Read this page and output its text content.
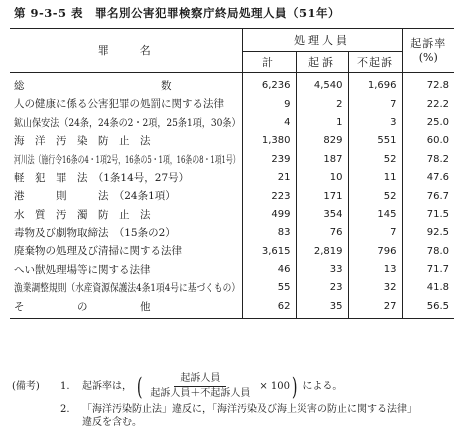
第 9-3-5 表　罪名別公害犯罪検察庁終局処理人員（51年）
罪　　名	処理人員			起訴率
(%)

	計	起訴	不起訴	
総　　　　　　　　　　　　　数	6,236	4,540	1,696	72.8
人の健康に係る公害犯罪の処罰に関する法律	9	2	7	22.2
鉱山保安法（24条，24条の2・2項，25条1項，30条）	4	1	3	25.0
海　洋　汚　染　防　止　法	1,380	829	551	60.0
河川法（施行令16条の4・1項2号，16条の5・1項，16条の8・1項1号）	239	187	52	78.2
軽　犯　罪　法　（1条14号，27号）	21	10	11	47.6
港　　　則　　　法　（24条1項）	223	171	52	76.7
水　質　汚　濁　防　止　法	499	354	145	71.5
毒物及び劇物取締法　（15条の2）	83	76	7	92.5
廃棄物の処理及び清掃に関する法律	3,615	2,819	796	78.0
へい獣処理場等に関する法律	46	33	13	71.7
漁業調整規則（水産資源保護法4条1項4号に基づくもの）	55	23	32	41.8
そ　　　　　の　　　　　他	62	35	27	56.5
(備考)	1.	起訴率は， ( $\frac{\text{起訴人員}}{\text{起訴人員＋不起訴人員}} \times 100$ ) による。
2.	「海洋汚染防止法」違反に，「海洋汚染及び海上災害の防止に関する法律」
違反を含む。
